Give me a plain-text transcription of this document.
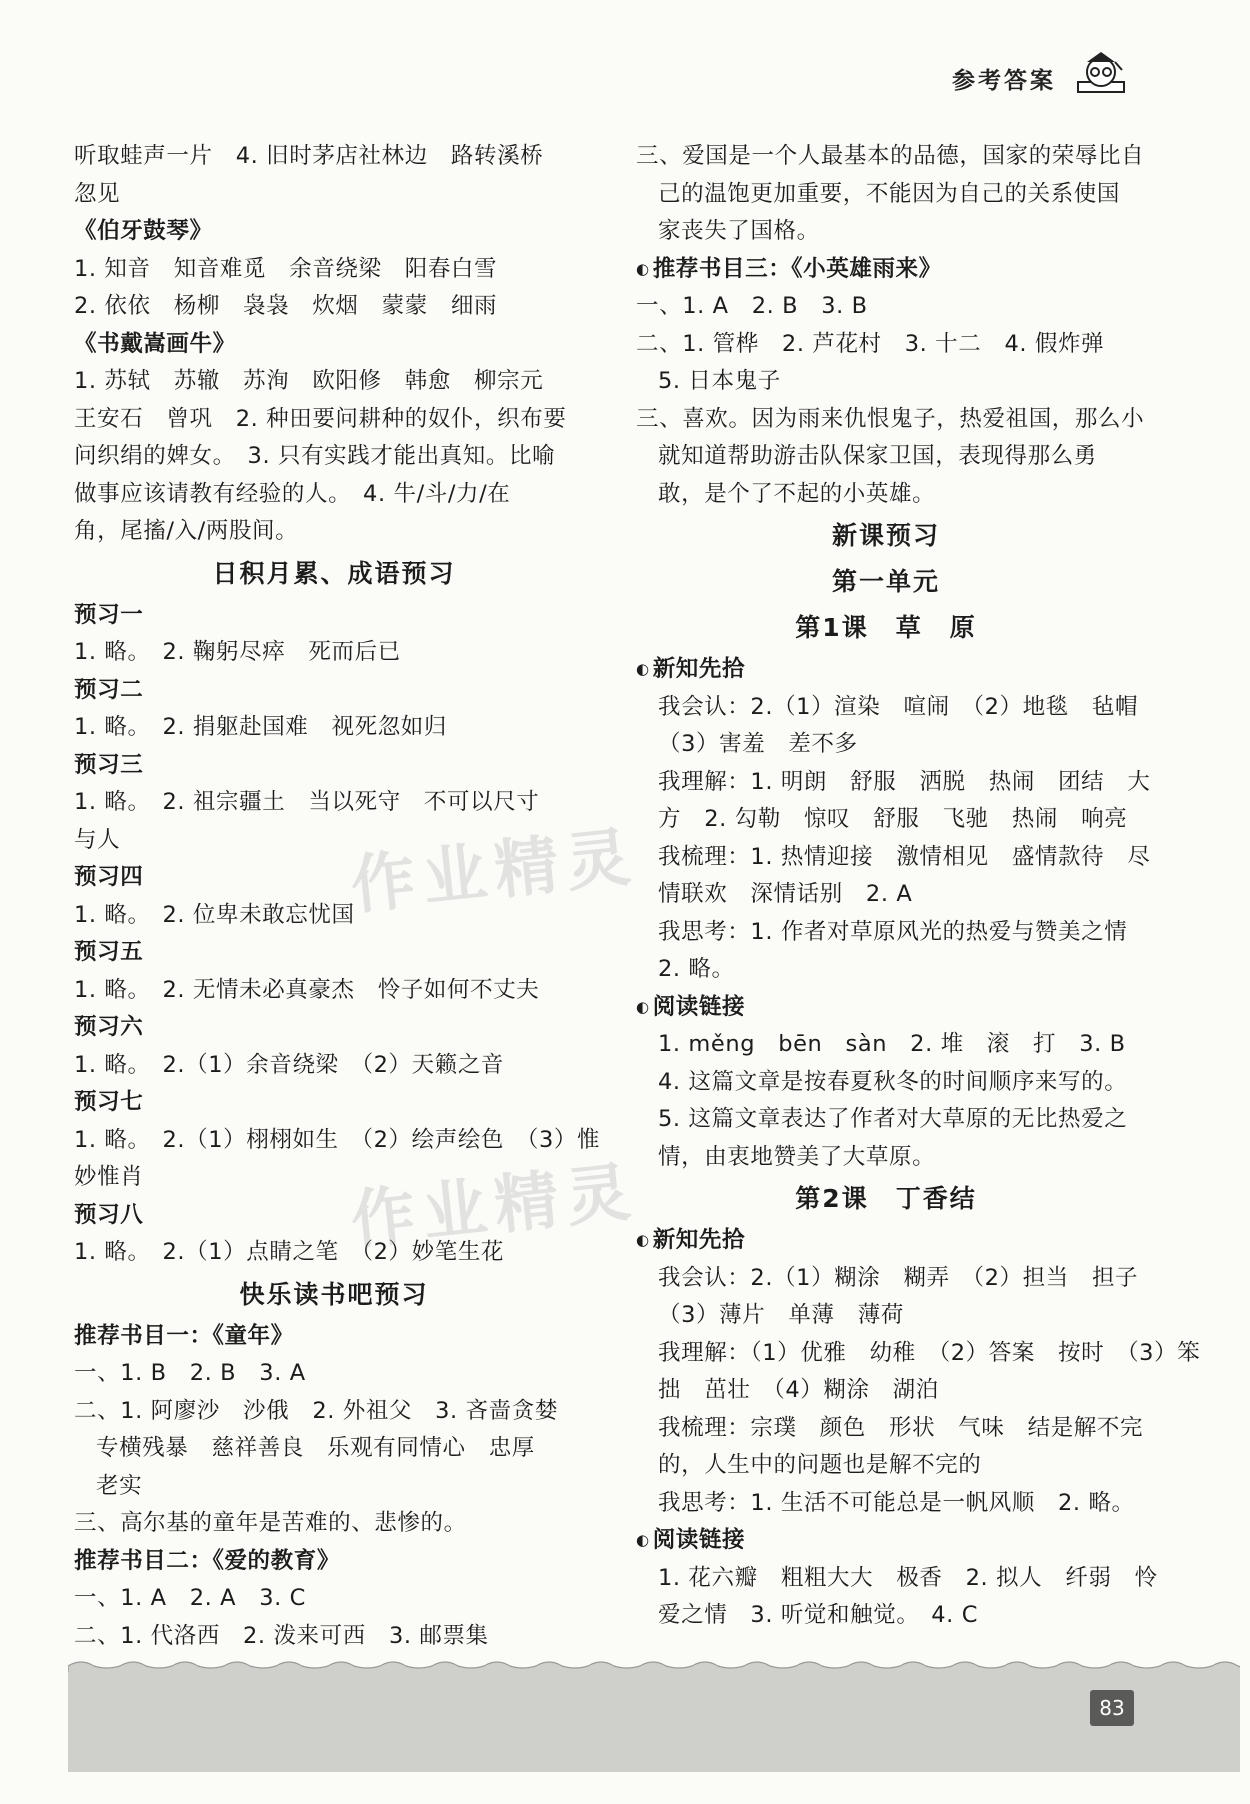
参考答案
听取蛙声一片　4. 旧时茅店社林边　路转溪桥
忽见
《伯牙鼓琴》
1. 知音　知音难觅　余音绕梁　阳春白雪
2. 依依　杨柳　袅袅　炊烟　蒙蒙　细雨
《书戴嵩画牛》
1. 苏轼　苏辙　苏洵　欧阳修　韩愈　柳宗元
王安石　曾巩　2. 种田要问耕种的奴仆，织布要
问织绢的婢女。　3. 只有实践才能出真知。比喻
做事应该请教有经验的人。　4. 牛/斗/力/在
角，尾搐/入/两股间。
日积月累、成语预习
预习一
1. 略。　2. 鞠躬尽瘁　死而后已
预习二
1. 略。　2. 捐躯赴国难　视死忽如归
预习三
1. 略。　2. 祖宗疆土　当以死守　不可以尺寸
与人
预习四
1. 略。　2. 位卑未敢忘忧国
预习五
1. 略。　2. 无情未必真豪杰　怜子如何不丈夫
预习六
1. 略。　2.（1）余音绕梁　（2）天籁之音
预习七
1. 略。　2.（1）栩栩如生　（2）绘声绘色　（3）惟
妙惟肖
预习八
1. 略。　2.（1）点睛之笔　（2）妙笔生花
快乐读书吧预习
推荐书目一：《童年》
一、1. B　2. B　3. A
二、1. 阿廖沙　沙俄　2. 外祖父　3. 吝啬贪婪
专横残暴　慈祥善良　乐观有同情心　忠厚
老实
三、高尔基的童年是苦难的、悲惨的。
推荐书目二：《爱的教育》
一、1. A　2. A　3. C
二、1. 代洛西　2. 泼来可西　3. 邮票集
三、爱国是一个人最基本的品德，国家的荣辱比自
己的温饱更加重要，不能因为自己的关系使国
家丧失了国格。
◐ 推荐书目三：《小英雄雨来》
一、1. A　2. B　3. B
二、1. 管桦　2. 芦花村　3. 十二　4. 假炸弹
5. 日本鬼子
三、喜欢。因为雨来仇恨鬼子，热爱祖国，那么小
就知道帮助游击队保家卫国，表现得那么勇
敢，是个了不起的小英雄。
新课预习
第一单元
第1课　草　原
◐ 新知先拾
我会认：2.（1）渲染　喧闹　（2）地毯　毡帽
（3）害羞　差不多
我理解：1. 明朗　舒服　洒脱　热闹　团结　大
方　2. 勾勒　惊叹　舒服　飞驰　热闹　响亮
我梳理：1. 热情迎接　激情相见　盛情款待　尽
情联欢　深情话别　2. A
我思考：1. 作者对草原风光的热爱与赞美之情
2. 略。
◐ 阅读链接
1. měng　bēn　sàn　2. 堆　滚　打　3. B
4. 这篇文章是按春夏秋冬的时间顺序来写的。
5. 这篇文章表达了作者对大草原的无比热爱之
情，由衷地赞美了大草原。
第2课　丁香结
◐ 新知先拾
我会认：2.（1）糊涂　糊弄　（2）担当　担子
（3）薄片　单薄　薄荷
我理解：（1）优雅　幼稚　（2）答案　按时　（3）笨
拙　茁壮　（4）糊涂　湖泊
我梳理：宗璞　颜色　形状　气味　结是解不完
的，人生中的问题也是解不完的
我思考：1. 生活不可能总是一帆风顺　2. 略。
◐ 阅读链接
1. 花六瓣　粗粗大大　极香　2. 拟人　纤弱　怜
爱之情　3. 听觉和触觉。　4. C
作业精灵
作业精灵
83
